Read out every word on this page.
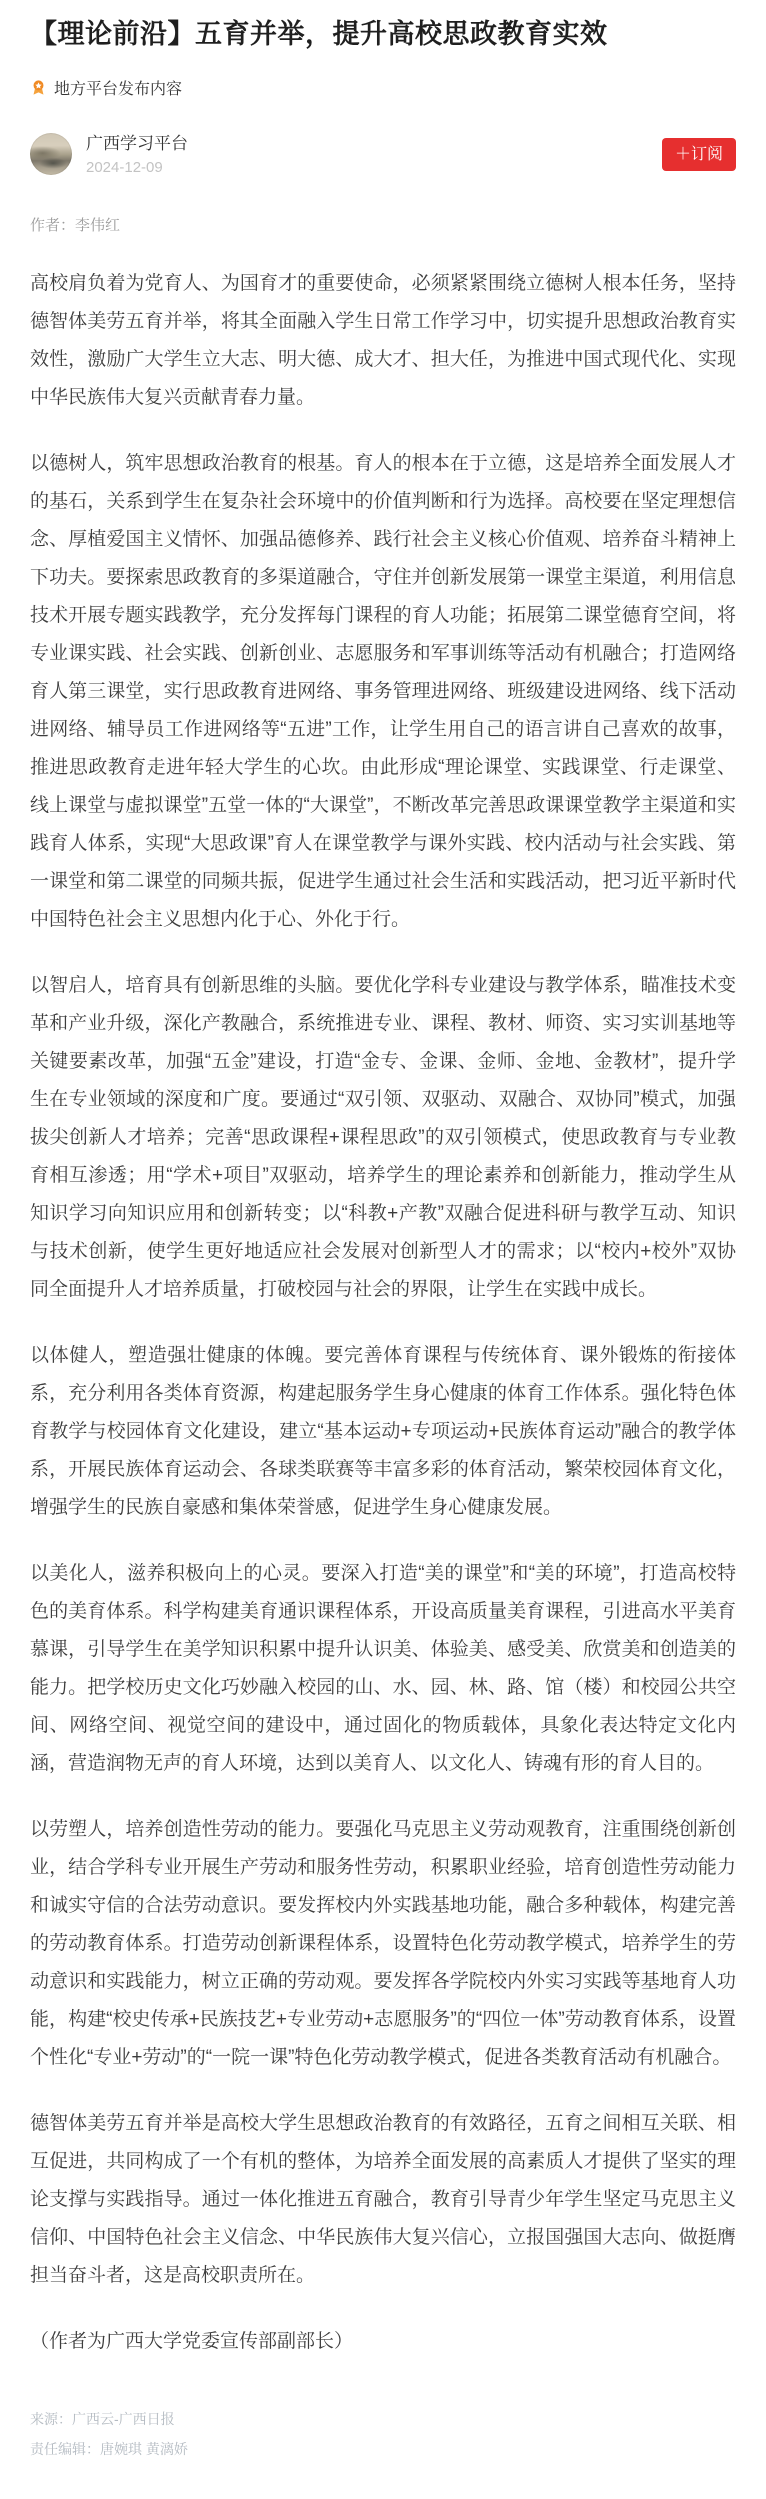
【理论前沿】五育并举，提升高校思政教育实效
地方平台发布内容
广西学习平台
2024-12-09
＋订阅
作者：李伟红

高校肩负着为党育人、为国育才的重要使命，必须紧紧围绕立德树人根本任务，坚持德智体美劳五育并举，将其全面融入学生日常工作学习中，切实提升思想政治教育实效性，激励广大学生立大志、明大德、成大才、担大任，为推进中国式现代化、实现中华民族伟大复兴贡献青春力量。

以德树人，筑牢思想政治教育的根基。育人的根本在于立德，这是培养全面发展人才的基石，关系到学生在复杂社会环境中的价值判断和行为选择。高校要在坚定理想信念、厚植爱国主义情怀、加强品德修养、践行社会主义核心价值观、培养奋斗精神上下功夫。要探索思政教育的多渠道融合，守住并创新发展第一课堂主渠道，利用信息技术开展专题实践教学，充分发挥每门课程的育人功能；拓展第二课堂德育空间，将专业课实践、社会实践、创新创业、志愿服务和军事训练等活动有机融合；打造网络育人第三课堂，实行思政教育进网络、事务管理进网络、班级建设进网络、线下活动进网络、辅导员工作进网络等“五进”工作，让学生用自己的语言讲自己喜欢的故事，推进思政教育走进年轻大学生的心坎。由此形成“理论课堂、实践课堂、行走课堂、线上课堂与虚拟课堂”五堂一体的“大课堂”，不断改革完善思政课课堂教学主渠道和实践育人体系，实现“大思政课”育人在课堂教学与课外实践、校内活动与社会实践、第一课堂和第二课堂的同频共振，促进学生通过社会生活和实践活动，把习近平新时代中国特色社会主义思想内化于心、外化于行。

以智启人，培育具有创新思维的头脑。要优化学科专业建设与教学体系，瞄准技术变革和产业升级，深化产教融合，系统推进专业、课程、教材、师资、实习实训基地等关键要素改革，加强“五金”建设，打造“金专、金课、金师、金地、金教材”，提升学生在专业领域的深度和广度。要通过“双引领、双驱动、双融合、双协同”模式，加强拔尖创新人才培养；完善“思政课程+课程思政”的双引领模式，使思政教育与专业教育相互渗透；用“学术+项目”双驱动，培养学生的理论素养和创新能力，推动学生从知识学习向知识应用和创新转变；以“科教+产教”双融合促进科研与教学互动、知识与技术创新，使学生更好地适应社会发展对创新型人才的需求；以“校内+校外”双协同全面提升人才培养质量，打破校园与社会的界限，让学生在实践中成长。

以体健人，塑造强壮健康的体魄。要完善体育课程与传统体育、课外锻炼的衔接体系，充分利用各类体育资源，构建起服务学生身心健康的体育工作体系。强化特色体育教学与校园体育文化建设，建立“基本运动+专项运动+民族体育运动”融合的教学体系，开展民族体育运动会、各球类联赛等丰富多彩的体育活动，繁荣校园体育文化，增强学生的民族自豪感和集体荣誉感，促进学生身心健康发展。

以美化人，滋养积极向上的心灵。要深入打造“美的课堂”和“美的环境”，打造高校特色的美育体系。科学构建美育通识课程体系，开设高质量美育课程，引进高水平美育慕课，引导学生在美学知识积累中提升认识美、体验美、感受美、欣赏美和创造美的能力。把学校历史文化巧妙融入校园的山、水、园、林、路、馆（楼）和校园公共空间、网络空间、视觉空间的建设中，通过固化的物质载体，具象化表达特定文化内涵，营造润物无声的育人环境，达到以美育人、以文化人、铸魂有形的育人目的。

以劳塑人，培养创造性劳动的能力。要强化马克思主义劳动观教育，注重围绕创新创业，结合学科专业开展生产劳动和服务性劳动，积累职业经验，培育创造性劳动能力和诚实守信的合法劳动意识。要发挥校内外实践基地功能，融合多种载体，构建完善的劳动教育体系。打造劳动创新课程体系，设置特色化劳动教学模式，培养学生的劳动意识和实践能力，树立正确的劳动观。要发挥各学院校内外实习实践等基地育人功能，构建“校史传承+民族技艺+专业劳动+志愿服务”的“四位一体”劳动教育体系，设置个性化“专业+劳动”的“一院一课”特色化劳动教学模式，促进各类教育活动有机融合。

德智体美劳五育并举是高校大学生思想政治教育的有效路径，五育之间相互关联、相互促进，共同构成了一个有机的整体，为培养全面发展的高素质人才提供了坚实的理论支撑与实践指导。通过一体化推进五育融合，教育引导青少年学生坚定马克思主义信仰、中国特色社会主义信念、中华民族伟大复兴信心，立报国强国大志向、做挺膺担当奋斗者，这是高校职责所在。

（作者为广西大学党委宣传部副部长）

来源：广西云-广西日报
责任编辑：唐婉琪 黄漓娇
